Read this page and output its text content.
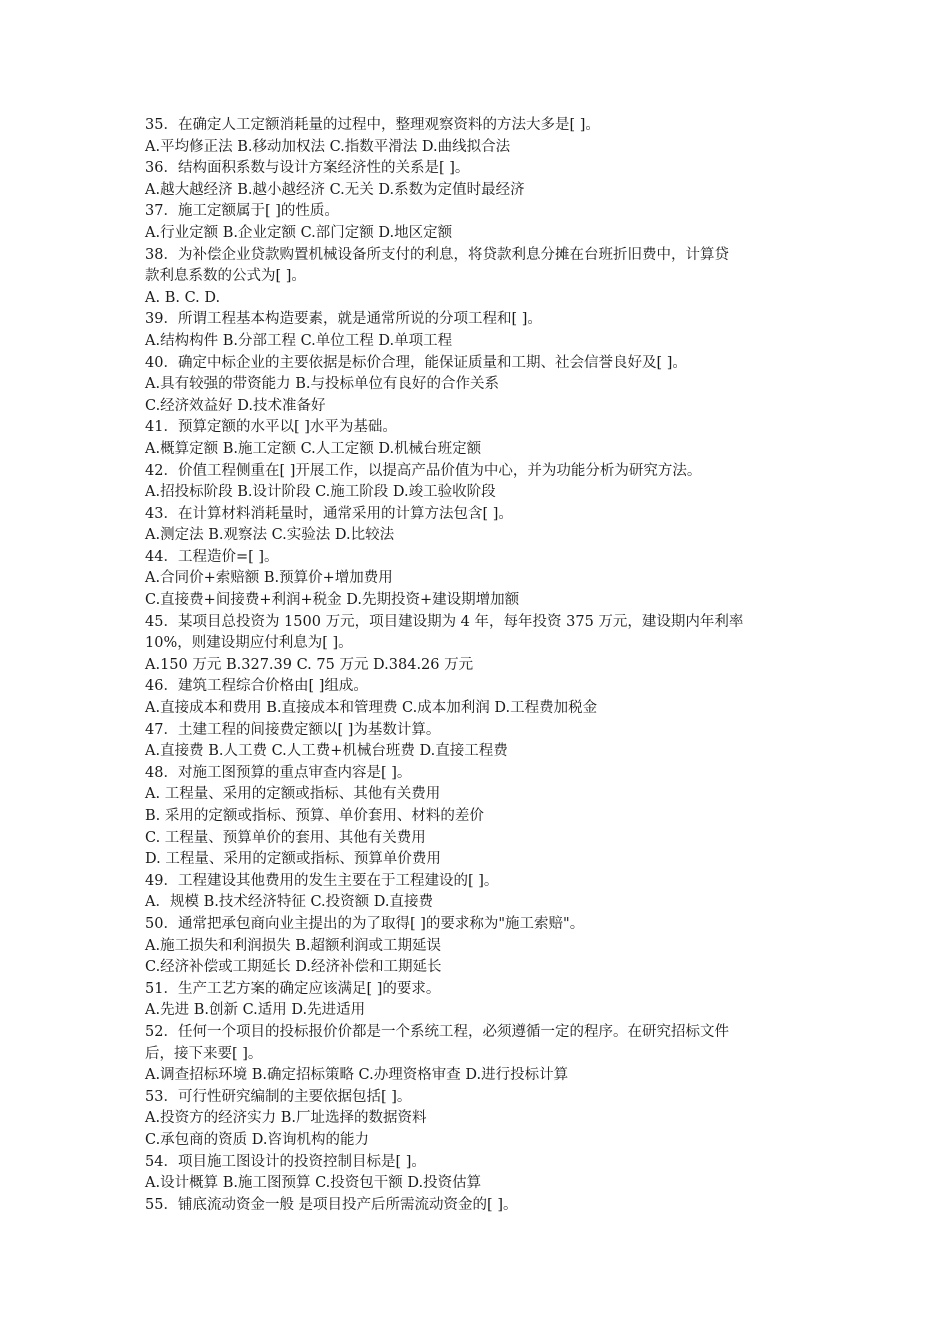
35．在确定人工定额消耗量的过程中，整理观察资料的方法大多是[ ]。
A.平均修正法 B.移动加权法 C.指数平滑法 D.曲线拟合法
36．结构面积系数与设计方案经济性的关系是[ ]。
A.越大越经济 B.越小越经济 C.无关 D.系数为定值时最经济
37．施工定额属于[ ]的性质。
A.行业定额 B.企业定额 C.部门定额 D.地区定额
38．为补偿企业贷款购置机械设备所支付的利息，将贷款利息分摊在台班折旧费中，计算贷
款利息系数的公式为[ ]。
A. B. C. D.
39．所谓工程基本构造要素，就是通常所说的分项工程和[ ]。
A.结构构件 B.分部工程 C.单位工程 D.单项工程
40．确定中标企业的主要依据是标价合理，能保证质量和工期、社会信誉良好及[ ]。
A.具有较强的带资能力 B.与投标单位有良好的合作关系
C.经济效益好 D.技术准备好
41．预算定额的水平以[ ]水平为基础。
A.概算定额 B.施工定额 C.人工定额 D.机械台班定额
42．价值工程侧重在[ ]开展工作，以提高产品价值为中心，并为功能分析为研究方法。
A.招投标阶段 B.设计阶段 C.施工阶段 D.竣工验收阶段
43．在计算材料消耗量时，通常采用的计算方法包含[ ]。
A.测定法 B.观察法 C.实验法 D.比较法
44．工程造价=[ ]。
A.合同价+索赔额 B.预算价+增加费用
C.直接费+间接费+利润+税金 D.先期投资+建设期增加额
45．某项目总投资为 1500 万元，项目建设期为 4 年，每年投资 375 万元，建设期内年利率
10%，则建设期应付利息为[ ]。
A.150 万元 B.327.39 C. 75 万元 D.384.26 万元
46．建筑工程综合价格由[ ]组成。
A.直接成本和费用 B.直接成本和管理费 C.成本加利润 D.工程费加税金
47．土建工程的间接费定额以[ ]为基数计算。
A.直接费 B.人工费 C.人工费+机械台班费 D.直接工程费
48．对施工图预算的重点审查内容是[ ]。
A. 工程量、采用的定额或指标、其他有关费用
B. 采用的定额或指标、预算、单价套用、材料的差价
C. 工程量、预算单价的套用、其他有关费用
D. 工程量、采用的定额或指标、预算单价费用
49．工程建设其他费用的发生主要在于工程建设的[ ]。
A．规模 B.技术经济特征 C.投资额 D.直接费
50．通常把承包商向业主提出的为了取得[ ]的要求称为"施工索赔"。
A.施工损失和利润损失 B.超额利润或工期延误
C.经济补偿或工期延长 D.经济补偿和工期延长
51．生产工艺方案的确定应该满足[ ]的要求。
A.先进 B.创新 C.适用 D.先进适用
52．任何一个项目的投标报价价都是一个系统工程，必须遵循一定的程序。在研究招标文件
后，接下来要[ ]。
A.调查招标环境 B.确定招标策略 C.办理资格审查 D.进行投标计算
53．可行性研究编制的主要依据包括[ ]。
A.投资方的经济实力 B.厂址选择的数据资料
C.承包商的资质 D.咨询机构的能力
54．项目施工图设计的投资控制目标是[ ]。
A.设计概算 B.施工图预算 C.投资包干额 D.投资估算
55．铺底流动资金一般 是项目投产后所需流动资金的[ ]。
